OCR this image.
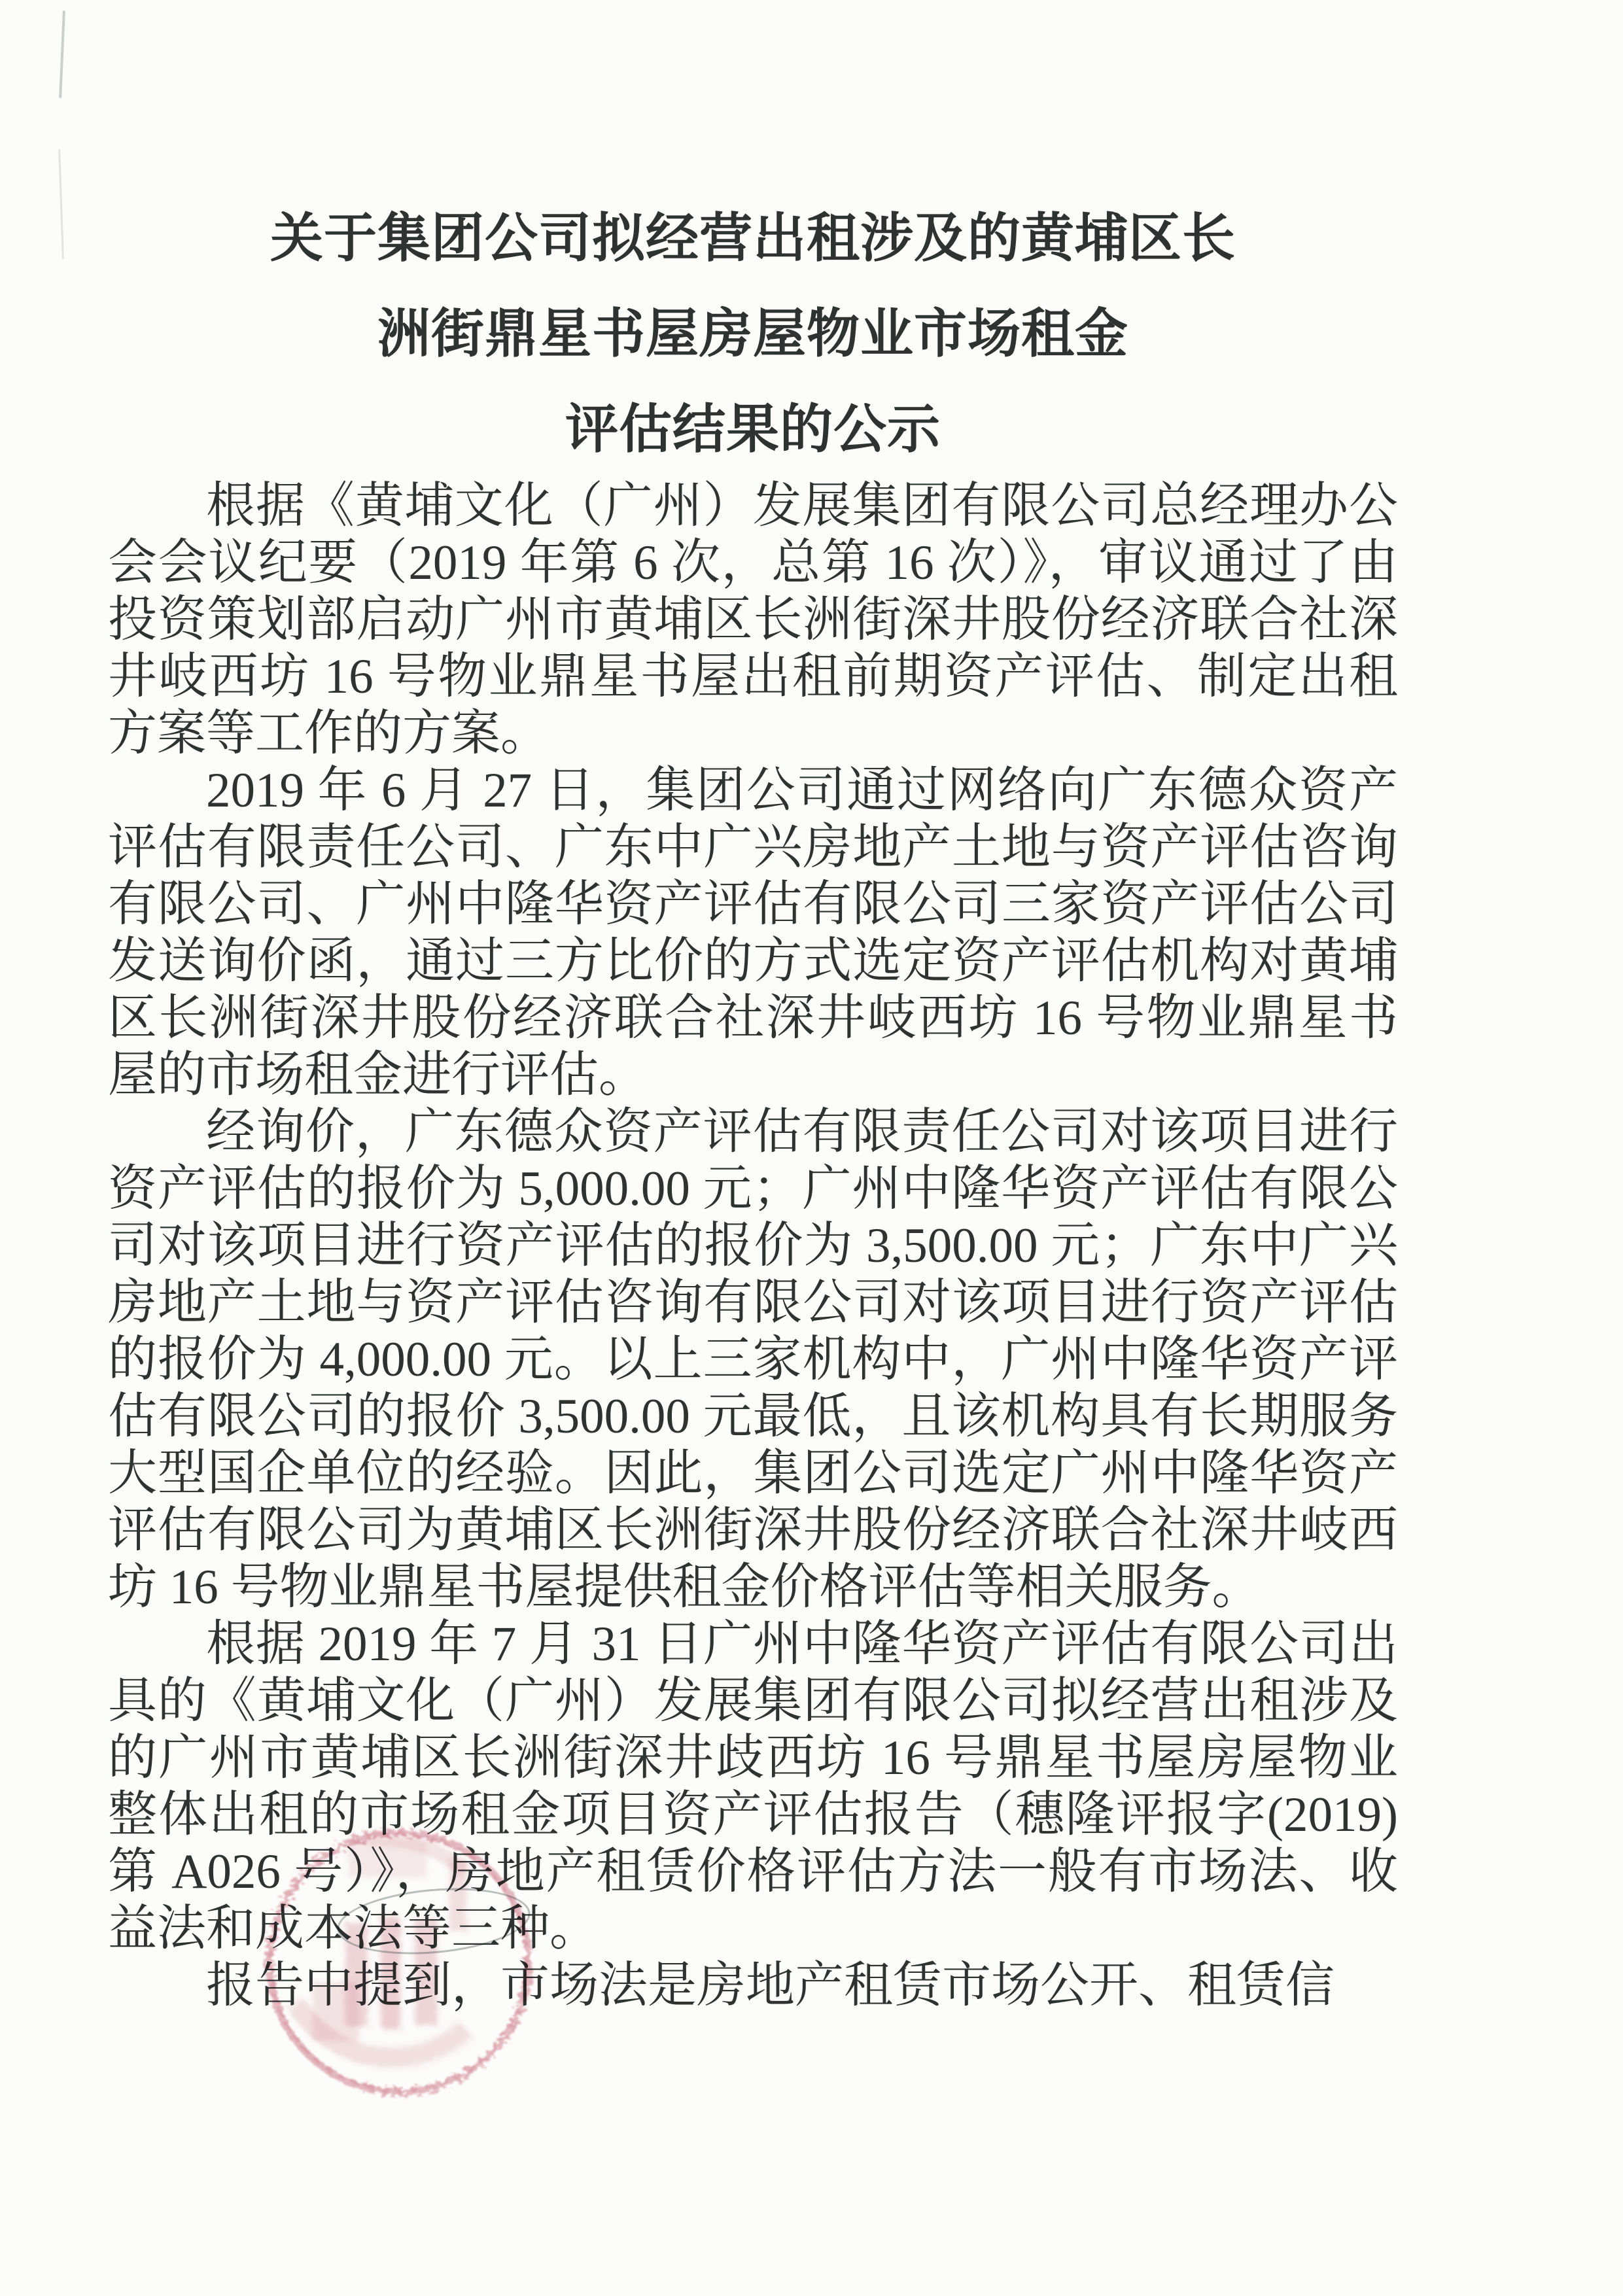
关于集团公司拟经营出租涉及的黄埔区长
洲街鼎星书屋房屋物业市场租金
评估结果的公示

根据《黄埔文化（广州）发展集团有限公司总经理办公会会议纪要（2019 年第 6 次，总第 16 次）》，审议通过了由投资策划部启动广州市黄埔区长洲街深井股份经济联合社深井岐西坊 16 号物业鼎星书屋出租前期资产评估、制定出租方案等工作的方案。

2019 年 6 月 27 日，集团公司通过网络向广东德众资产评估有限责任公司、广东中广兴房地产土地与资产评估咨询有限公司、广州中隆华资产评估有限公司三家资产评估公司发送询价函，通过三方比价的方式选定资产评估机构对黄埔区长洲街深井股份经济联合社深井岐西坊 16 号物业鼎星书屋的市场租金进行评估。

经询价，广东德众资产评估有限责任公司对该项目进行资产评估的报价为 5,000.00 元；广州中隆华资产评估有限公司对该项目进行资产评估的报价为 3,500.00 元；广东中广兴房地产土地与资产评估咨询有限公司对该项目进行资产评估的报价为 4,000.00 元。以上三家机构中，广州中隆华资产评估有限公司的报价 3,500.00 元最低，且该机构具有长期服务大型国企单位的经验。因此，集团公司选定广州中隆华资产评估有限公司为黄埔区长洲街深井股份经济联合社深井岐西坊 16 号物业鼎星书屋提供租金价格评估等相关服务。

根据 2019 年 7 月 31 日广州中隆华资产评估有限公司出具的《黄埔文化（广州）发展集团有限公司拟经营出租涉及的广州市黄埔区长洲街深井歧西坊 16 号鼎星书屋房屋物业整体出租的市场租金项目资产评估报告（穗隆评报字(2019)第 A026 号）》，房地产租赁价格评估方法一般有市场法、收益法和成本法等三种。

报告中提到，市场法是房地产租赁市场公开、租赁信
